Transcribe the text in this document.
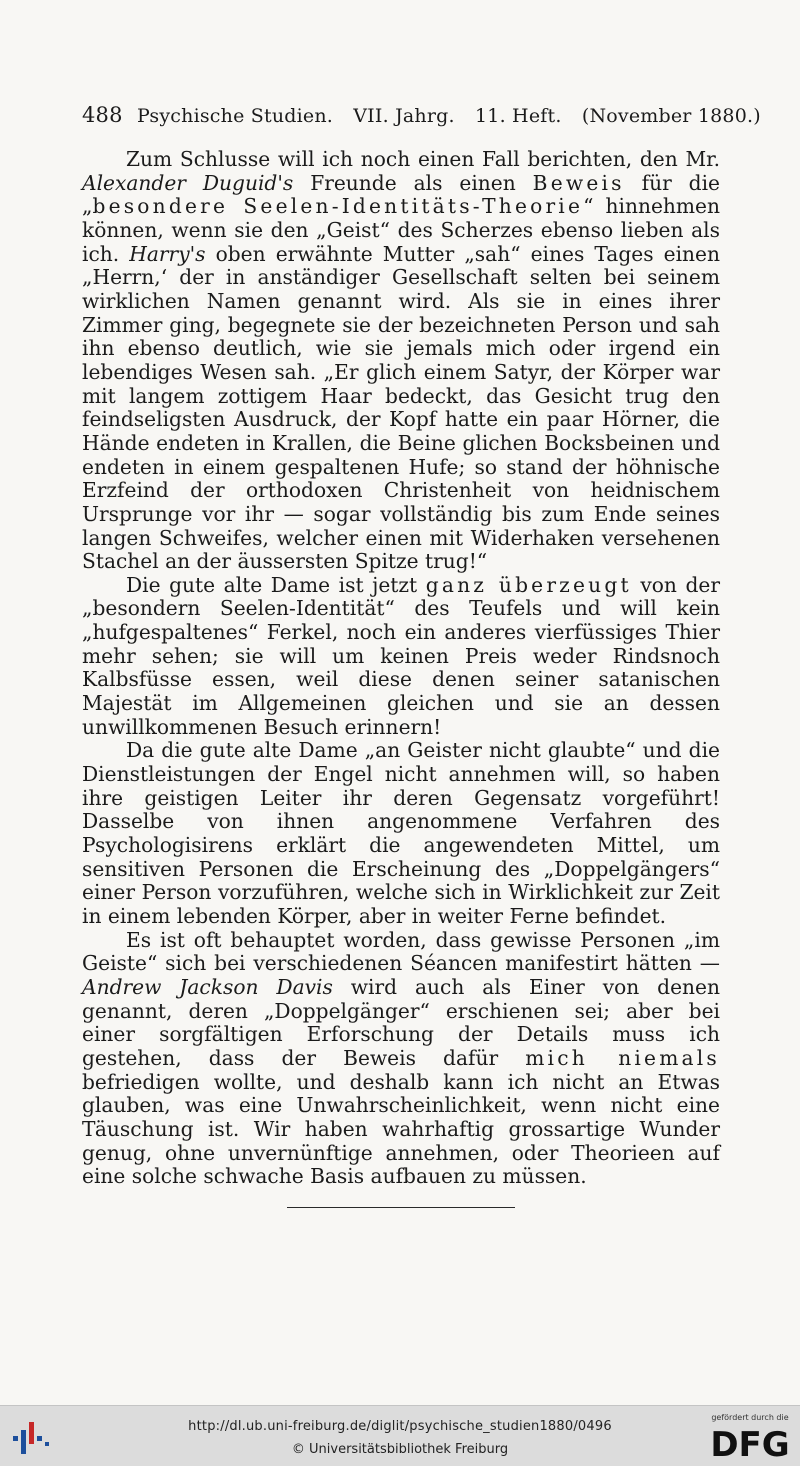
488 Psychische Studien. VII. Jahrg. 11. Heft. (November 1880.)

Zum Schlusse will ich noch einen Fall berichten, den Mr. Alexander Duguid's Freunde als einen Beweis für die „besondere Seelen-Identitäts-Theorie“ hinnehmen können, wenn sie den „Geist“ des Scherzes ebenso lieben als ich. Harry's oben erwähnte Mutter „sah“ eines Tages einen „Herrn,‘ der in anständiger Gesellschaft selten bei seinem wirklichen Namen genannt wird. Als sie in eines ihrer Zimmer ging, begegnete sie der bezeichneten Person und sah ihn ebenso deutlich, wie sie jemals mich oder irgend ein lebendiges Wesen sah. „Er glich einem Satyr, der Körper war mit langem zottigem Haar bedeckt, das Gesicht trug den feindseligsten Ausdruck, der Kopf hatte ein paar Hörner, die Hände endeten in Krallen, die Beine glichen Bocksbeinen und endeten in einem gespaltenen Hufe; so stand der höhnische Erzfeind der orthodoxen Christenheit von heidnischem Ursprunge vor ihr — sogar vollständig bis zum Ende seines langen Schweifes, welcher einen mit Widerhaken versehenen Stachel an der äussersten Spitze trug!“

Die gute alte Dame ist jetzt ganz überzeugt von der „besondern Seelen-Identität“ des Teufels und will kein „hufgespaltenes“ Ferkel, noch ein anderes vierfüssiges Thier mehr sehen; sie will um keinen Preis weder Rindsnoch Kalbsfüsse essen, weil diese denen seiner satanischen Majestät im Allgemeinen gleichen und sie an dessen unwillkommenen Besuch erinnern!

Da die gute alte Dame „an Geister nicht glaubte“ und die Dienstleistungen der Engel nicht annehmen will, so haben ihre geistigen Leiter ihr deren Gegensatz vorgeführt! Dasselbe von ihnen angenommene Verfahren des Psychologisirens erklärt die angewendeten Mittel, um sensitiven Personen die Erscheinung des „Doppelgängers“ einer Person vorzuführen, welche sich in Wirklichkeit zur Zeit in einem lebenden Körper, aber in weiter Ferne befindet.

Es ist oft behauptet worden, dass gewisse Personen „im Geiste“ sich bei verschiedenen Séancen manifestirt hätten — Andrew Jackson Davis wird auch als Einer von denen genannt, deren „Doppelgänger“ erschienen sei; aber bei einer sorgfältigen Erforschung der Details muss ich gestehen, dass der Beweis dafür mich niemals befriedigen wollte, und deshalb kann ich nicht an Etwas glauben, was eine Unwahrscheinlichkeit, wenn nicht eine Täuschung ist. Wir haben wahrhaftig grossartige Wunder genug, ohne unvernünftige annehmen, oder Theorieen auf eine solche schwache Basis aufbauen zu müssen.

http://dl.ub.uni-freiburg.de/diglit/psychische_studien1880/0496
© Universitätsbibliothek Freiburg
gefördert durch die
DFG
